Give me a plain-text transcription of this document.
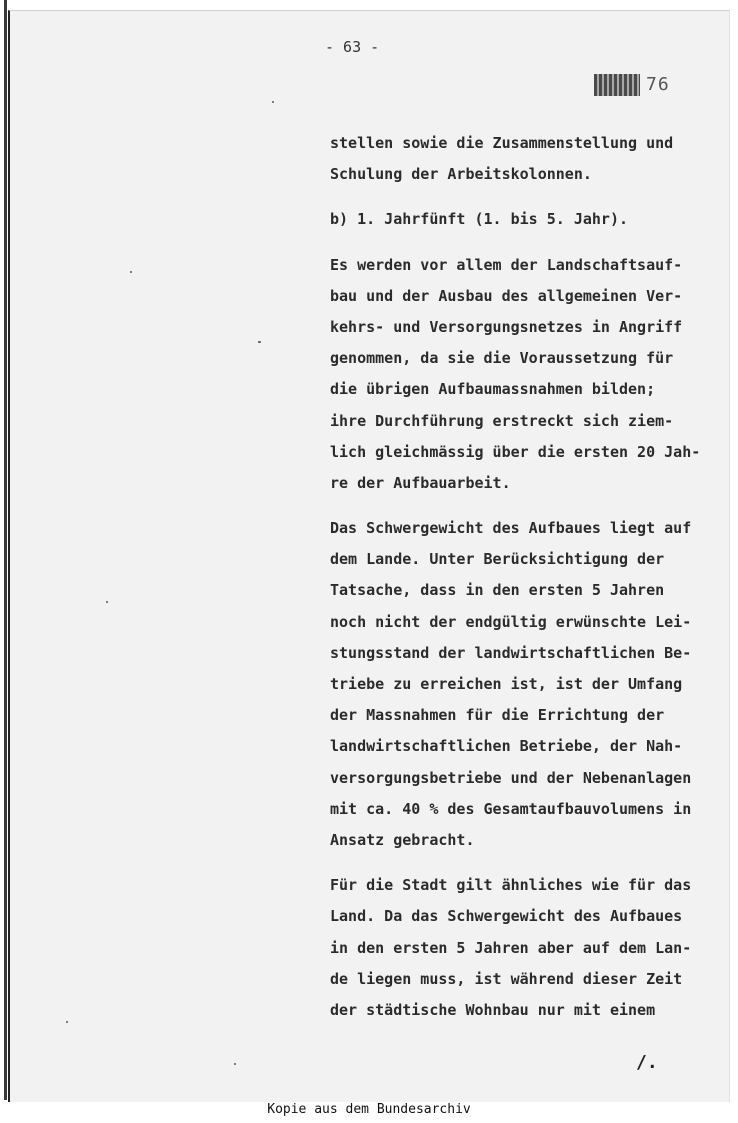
- 63 -
76
stellen sowie die Zusammenstellung und
Schulung der Arbeitskolonnen.
b) 1. Jahrfünft (1. bis 5. Jahr).
Es werden vor allem der Landschaftsauf-
bau und der Ausbau des allgemeinen Ver-
kehrs- und Versorgungsnetzes in Angriff
genommen, da sie die Voraussetzung für
die übrigen Aufbaumassnahmen bilden;
ihre Durchführung erstreckt sich ziem-
lich gleichmässig über die ersten 20 Jah-
re der Aufbauarbeit.
Das Schwergewicht des Aufbaues liegt auf
dem Lande. Unter Berücksichtigung der
Tatsache, dass in den ersten 5 Jahren
noch nicht der endgültig erwünschte Lei-
stungsstand der landwirtschaftlichen Be-
triebe zu erreichen ist, ist der Umfang
der Massnahmen für die Errichtung der
landwirtschaftlichen Betriebe, der Nah-
versorgungsbetriebe und der Nebenanlagen
mit ca. 40 % des Gesamtaufbauvolumens in
Ansatz gebracht.
Für die Stadt gilt ähnliches wie für das
Land. Da das Schwergewicht des Aufbaues
in den ersten 5 Jahren aber auf dem Lan-
de liegen muss, ist während dieser Zeit
der städtische Wohnbau nur mit einem
/.
Kopie aus dem Bundesarchiv
